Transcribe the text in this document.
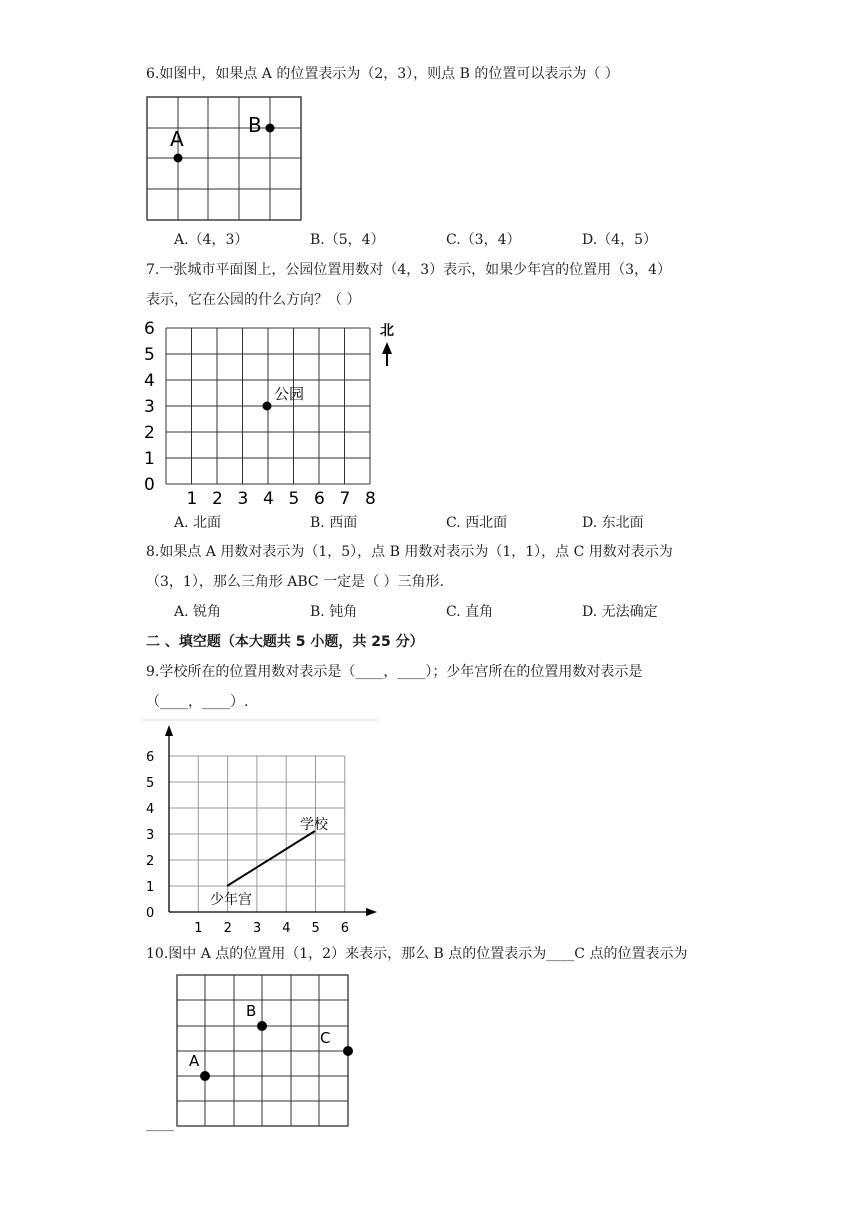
6.如图中，如果点 A 的位置表示为（2，3），则点 B 的位置可以表示为（ ）
A
B
A.（4，3）	B.（5，4）	C.（3，4）	D.（4，5）
7.一张城市平面图上，公园位置用数对（4，3）表示，如果少年宫的位置用（3，4）
表示，它在公园的什么方向？（ ）
0
1
2
3
4
5
6
1 2 3 4 5 6 7 8
公园
北
A. 北面	B. 西面	C. 西北面	D. 东北面
8.如果点 A 用数对表示为（1，5），点 B 用数对表示为（1，1），点 C 用数对表示为
（3，1），那么三角形 ABC 一定是（ ）三角形.
A. 锐角	B. 钝角	C. 直角	D. 无法确定
二 、填空题（本大题共 5 小题，共 25 分）
9.学校所在的位置用数对表示是（____，____）；少年宫所在的位置用数对表示是
（____，____）.
0
1
2
3
4
5
6
1 2 3 4 5 6
学校
少年宫
10.图中 A 点的位置用（1，2）来表示，那么 B 点的位置表示为____C 点的位置表示为
A
B
C
____
